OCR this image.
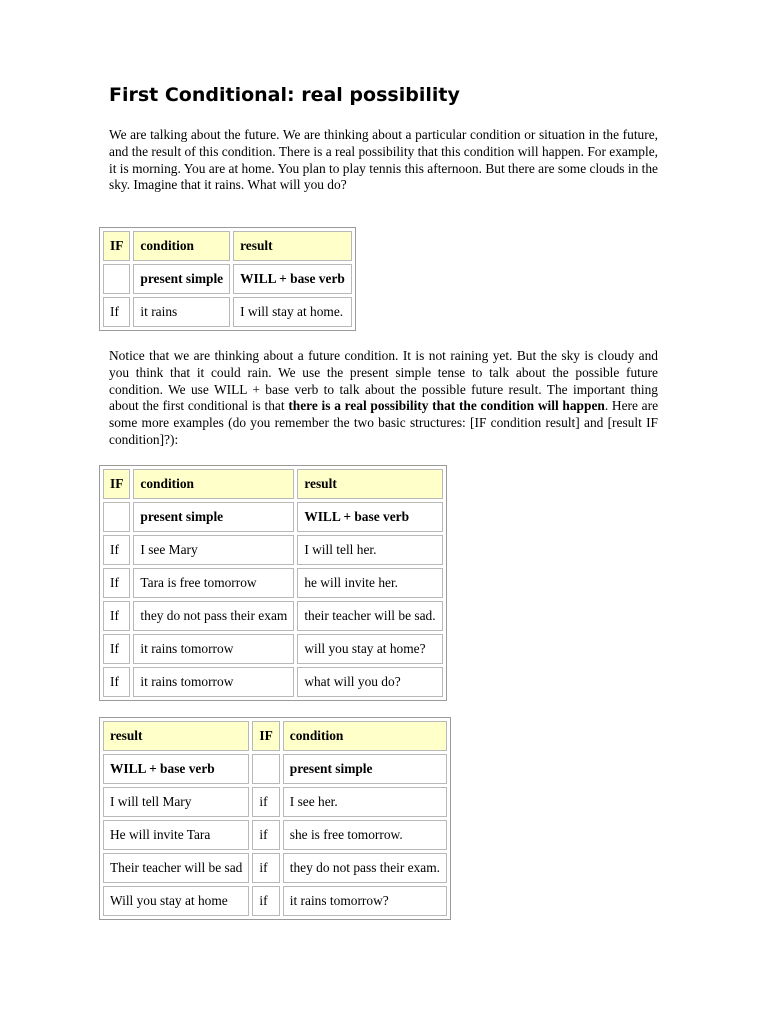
First Conditional: real possibility

We are talking about the future. We are thinking about a particular condition or situation in the future, and the result of this condition. There is a real possibility that this condition will happen. For example, it is morning. You are at home. You plan to play tennis this afternoon. But there are some clouds in the sky. Imagine that it rains. What will you do?

IF	condition	result
	present simple	WILL + base verb
If	it rains	I will stay at home.

Notice that we are thinking about a future condition. It is not raining yet. But the sky is cloudy and you think that it could rain. We use the present simple tense to talk about the possible future condition. We use WILL + base verb to talk about the possible future result. The important thing about the first conditional is that there is a real possibility that the condition will happen. Here are some more examples (do you remember the two basic structures: [IF condition result] and [result IF condition]?):

IF	condition	result
	present simple	WILL + base verb
If	I see Mary	I will tell her.
If	Tara is free tomorrow	he will invite her.
If	they do not pass their exam	their teacher will be sad.
If	it rains tomorrow	will you stay at home?
If	it rains tomorrow	what will you do?
result	IF	condition
WILL + base verb		present simple
I will tell Mary	if	I see her.
He will invite Tara	if	she is free tomorrow.
Their teacher will be sad	if	they do not pass their exam.
Will you stay at home	if	it rains tomorrow?
